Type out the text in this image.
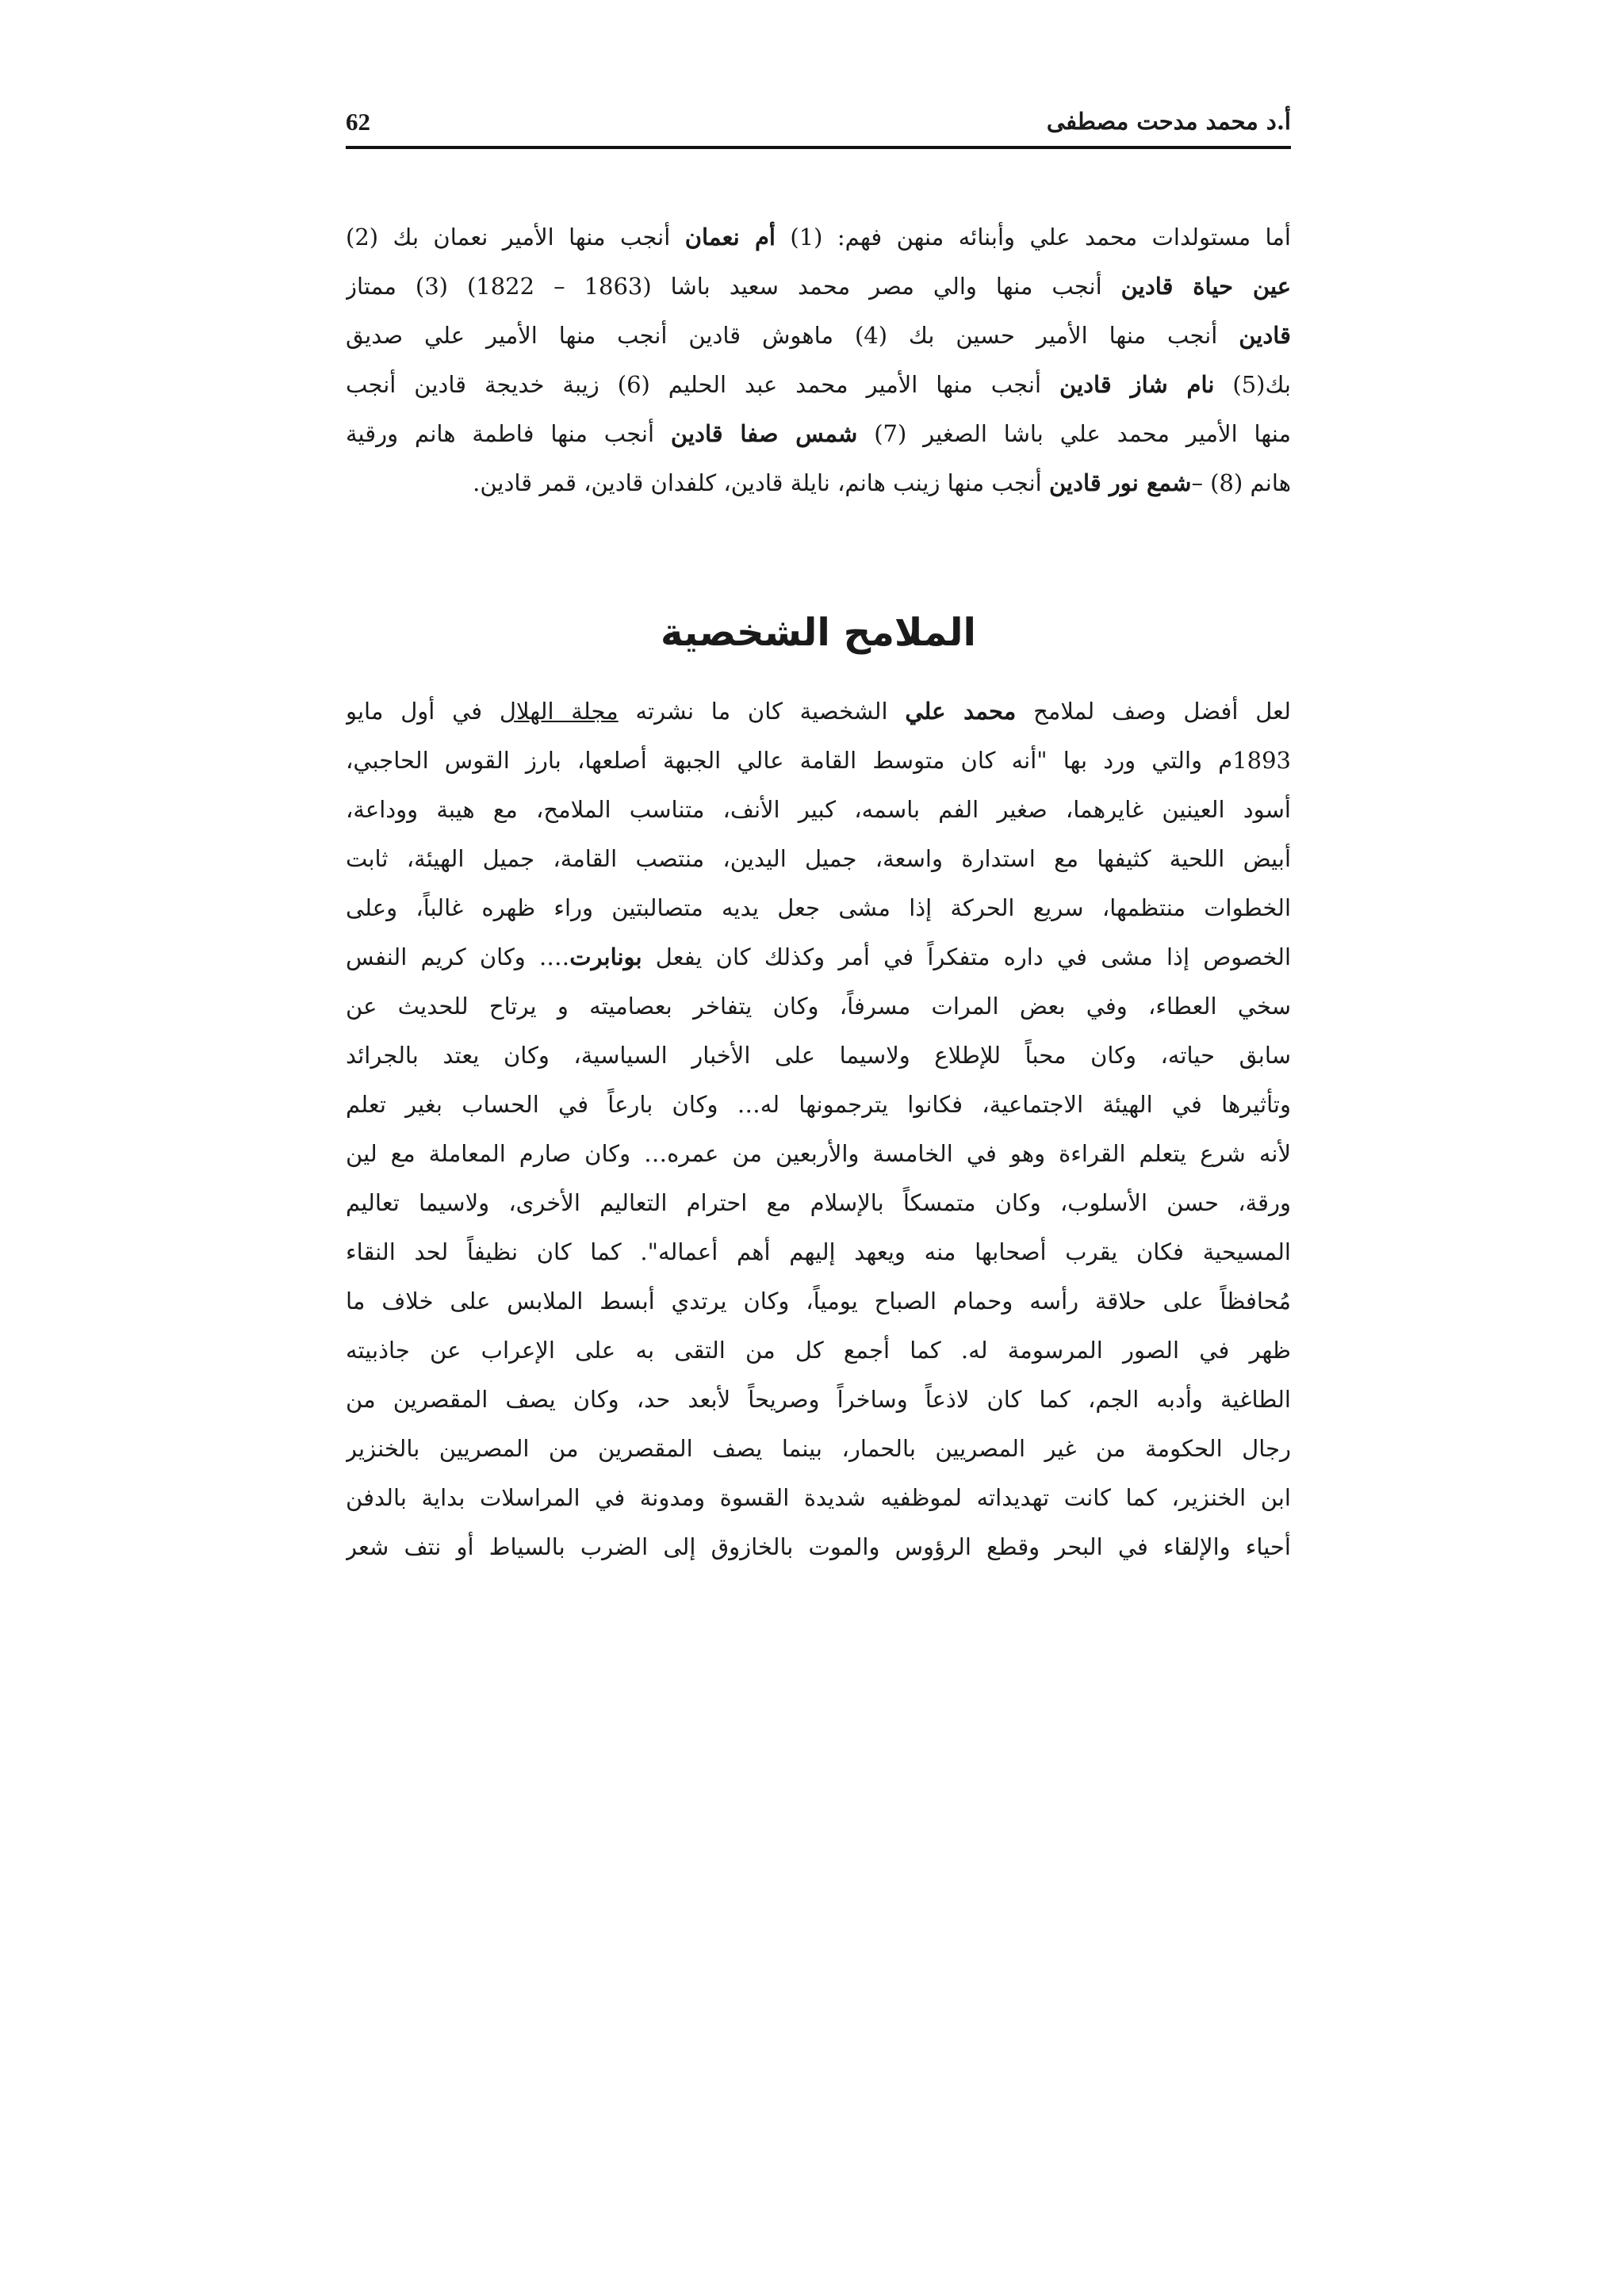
62	أ.د محمد مدحت مصطفى
أما مستولدات محمد علي وأبنائه منهن فهم: (1) أم نعمان أنجب منها الأمير نعمان بك (2)
عين حياة قادين أنجب منها والي مصر محمد سعيد باشا (1863 – 1822) (3) ممتاز
قادين أنجب منها الأمير حسين بك (4) ماهوش قادين أنجب منها الأمير علي صديق
بك(5) نام شاز قادين أنجب منها الأمير محمد عبد الحليم (6) زيبة خديجة قادين أنجب
منها الأمير محمد علي باشا الصغير (7) شمس صفا قادين أنجب منها فاطمة هانم ورقية
هانم (8) –شمع نور قادين أنجب منها زينب هانم، نايلة قادين، كلفدان قادين، قمر قادين.
الملامح الشخصية
لعل أفضل وصف لملامح محمد علي الشخصية كان ما نشرته مجلة الهلال في أول مايو
1893م والتي ورد بها "أنه كان متوسط القامة عالي الجبهة أصلعها، بارز القوس الحاجبي،
أسود العينين غايرهما، صغير الفم باسمه، كبير الأنف، متناسب الملامح، مع هيبة ووداعة،
أبيض اللحية كثيفها مع استدارة واسعة، جميل اليدين، منتصب القامة، جميل الهيئة، ثابت
الخطوات منتظمها، سريع الحركة إذا مشى جعل يديه متصالبتين وراء ظهره غالباً، وعلى
الخصوص إذا مشى في داره متفكراً في أمر وكذلك كان يفعل بونابرت…. وكان كريم النفس
سخي العطاء، وفي بعض المرات مسرفاً، وكان يتفاخر بعصاميته و يرتاح للحديث عن
سابق حياته، وكان محباً للإطلاع ولاسيما على الأخبار السياسية، وكان يعتد بالجرائد
وتأثيرها في الهيئة الاجتماعية، فكانوا يترجمونها له… وكان بارعاً في الحساب بغير تعلم
لأنه شرع يتعلم القراءة وهو في الخامسة والأربعين من عمره… وكان صارم المعاملة مع لين
ورقة، حسن الأسلوب، وكان متمسكاً بالإسلام مع احترام التعاليم الأخرى، ولاسيما تعاليم
المسيحية فكان يقرب أصحابها منه ويعهد إليهم أهم أعماله". كما كان نظيفاً لحد النقاء
مُحافظاً على حلاقة رأسه وحمام الصباح يومياً، وكان يرتدي أبسط الملابس على خلاف ما
ظهر في الصور المرسومة له. كما أجمع كل من التقى به على الإعراب عن جاذبيته
الطاغية وأدبه الجم، كما كان لاذعاً وساخراً وصريحاً لأبعد حد، وكان يصف المقصرين من
رجال الحكومة من غير المصريين بالحمار، بينما يصف المقصرين من المصريين بالخنزير
ابن الخنزير، كما كانت تهديداته لموظفيه شديدة القسوة ومدونة في المراسلات بداية بالدفن
أحياء والإلقاء في البحر وقطع الرؤوس والموت بالخازوق إلى الضرب بالسياط أو نتف شعر
